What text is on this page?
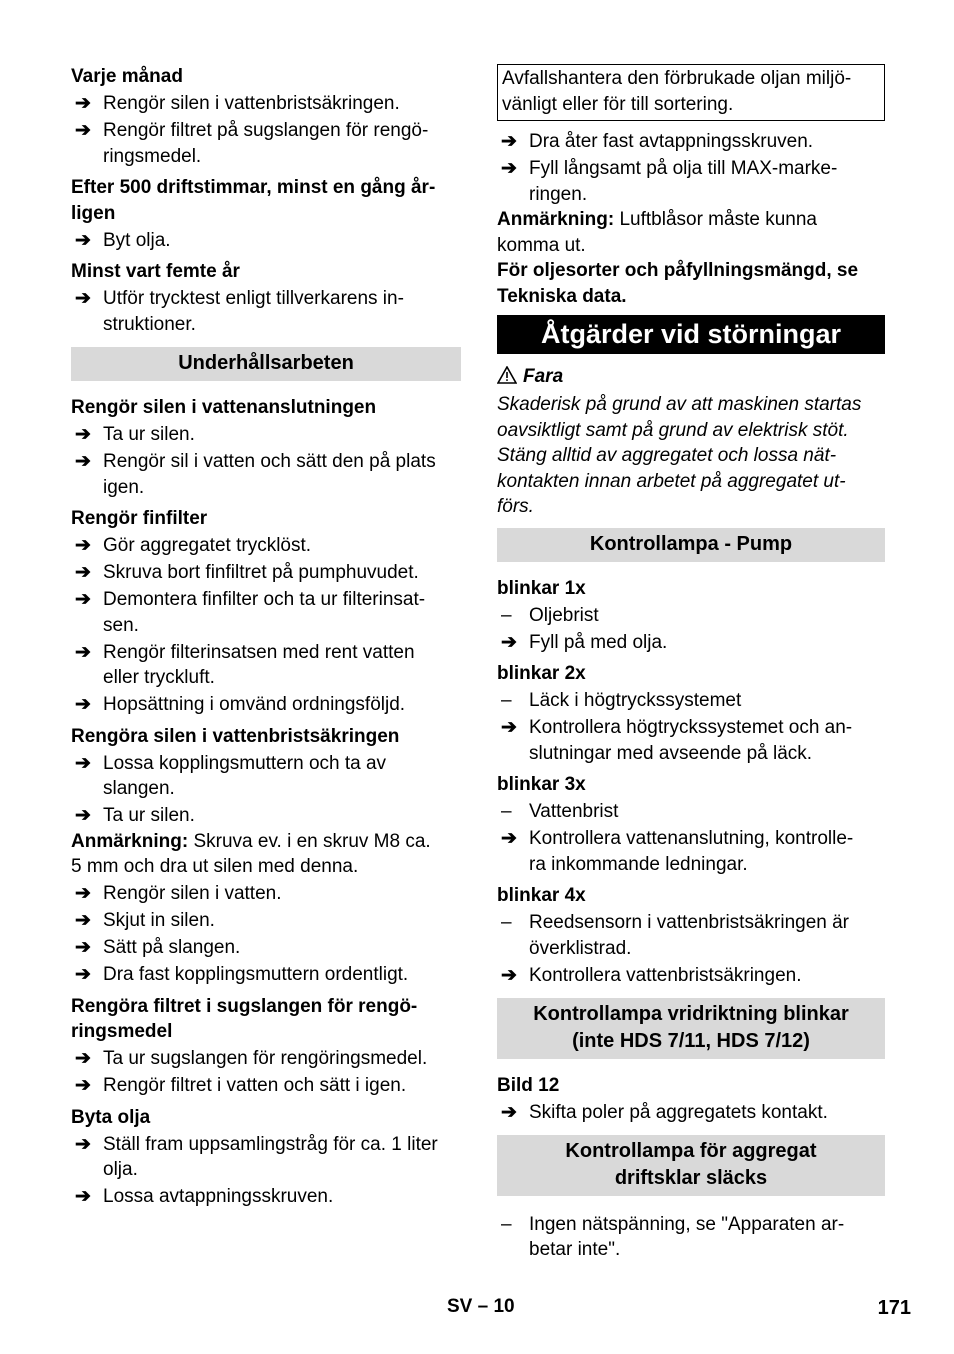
Varje månad
➔ Rengör silen i vattenbristsäkringen.
➔ Rengör filtret på sugslangen för rengö-
ringsmedel.
Efter 500 driftstimmar, minst en gång år-
ligen
➔ Byt olja.
Minst vart femte år
➔ Utför trycktest enligt tillverkarens in-
struktioner.
Underhållsarbeten
Rengör silen i vattenanslutningen
➔ Ta ur silen.
➔ Rengör sil i vatten och sätt den på plats
igen.
Rengör finfilter
➔ Gör aggregatet trycklöst.
➔ Skruva bort finfiltret på pumphuvudet.
➔ Demontera finfilter och ta ur filterinsat-
sen.
➔ Rengör filterinsatsen med rent vatten
eller tryckluft.
➔ Hopsättning i omvänd ordningsföljd.
Rengöra silen i vattenbristsäkringen
➔ Lossa kopplingsmuttern och ta av
slangen.
➔ Ta ur silen.
Anmärkning: Skruva ev. i en skruv M8 ca.
5 mm och dra ut silen med denna.
➔ Rengör silen i vatten.
➔ Skjut in silen.
➔ Sätt på slangen.
➔ Dra fast kopplingsmuttern ordentligt.
Rengöra filtret i sugslangen för rengö-
ringsmedel
➔ Ta ur sugslangen för rengöringsmedel.
➔ Rengör filtret i vatten och sätt i igen.
Byta olja
➔ Ställ fram uppsamlingstråg för ca. 1 liter
olja.
➔ Lossa avtappningsskruven.
Avfallshantera den förbrukade oljan miljö-
vänligt eller för till sortering.
➔ Dra åter fast avtappningsskruven.
➔ Fyll långsamt på olja till MAX-marke-
ringen.
Anmärkning: Luftblåsor måste kunna
komma ut.
För oljesorter och påfyllningsmängd, se
Tekniska data.
Åtgärder vid störningar
Fara
Skaderisk på grund av att maskinen startas
oavsiktligt samt på grund av elektrisk stöt.
Stäng alltid av aggregatet och lossa nät-
kontakten innan arbetet på aggregatet ut-
förs.
Kontrollampa - Pump
blinkar 1x
– Oljebrist
➔ Fyll på med olja.
blinkar 2x
– Läck i högtryckssystemet
➔ Kontrollera högtryckssystemet och an-
slutningar med avseende på läck.
blinkar 3x
– Vattenbrist
➔ Kontrollera vattenanslutning, kontrolle-
ra inkommande ledningar.
blinkar 4x
– Reedsensorn i vattenbristsäkringen är
överklistrad.
➔ Kontrollera vattenbristsäkringen.
Kontrollampa vridriktning blinkar
(inte HDS 7/11, HDS 7/12)
Bild 12
➔ Skifta poler på aggregatets kontakt.
Kontrollampa för aggregat
driftsklar släcks
– Ingen nätspänning, se "Apparaten ar-
betar inte".
SV – 10	171
